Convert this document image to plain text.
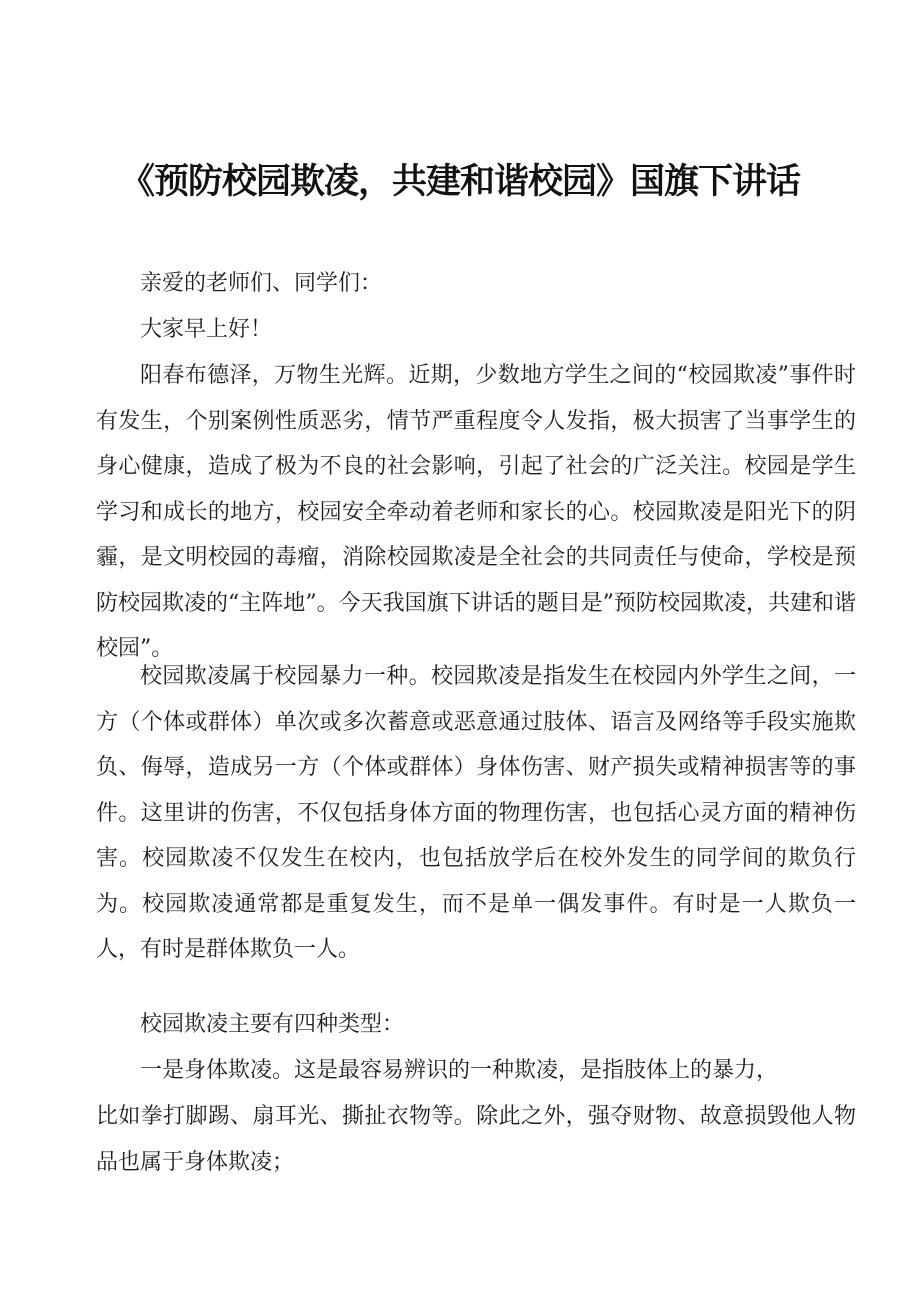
《预防校园欺凌，共建和谐校园》国旗下讲话

亲爱的老师们、同学们：

大家早上好！

阳春布德泽，万物生光辉。近期，少数地方学生之间的“校园欺凌”事件时有发生，个别案例性质恶劣，情节严重程度令人发指，极大损害了当事学生的身心健康，造成了极为不良的社会影响，引起了社会的广泛关注。校园是学生学习和成长的地方，校园安全牵动着老师和家长的心。校园欺凌是阳光下的阴霾，是文明校园的毒瘤，消除校园欺凌是全社会的共同责任与使命，学校是预防校园欺凌的“主阵地”。今天我国旗下讲话的题目是”预防校园欺凌，共建和谐校园”。

校园欺凌属于校园暴力一种。校园欺凌是指发生在校园内外学生之间，一方（个体或群体）单次或多次蓄意或恶意通过肢体、语言及网络等手段实施欺负、侮辱，造成另一方（个体或群体）身体伤害、财产损失或精神损害等的事件。这里讲的伤害，不仅包括身体方面的物理伤害，也包括心灵方面的精神伤害。校园欺凌不仅发生在校内，也包括放学后在校外发生的同学间的欺负行为。校园欺凌通常都是重复发生，而不是单一偶发事件。有时是一人欺负一人，有时是群体欺负一人。

校园欺凌主要有四种类型：

一是身体欺凌。这是最容易辨识的一种欺凌，是指肢体上的暴力，

比如拳打脚踢、扇耳光、撕扯衣物等。除此之外，强夺财物、故意损毁他人物品也属于身体欺凌；
